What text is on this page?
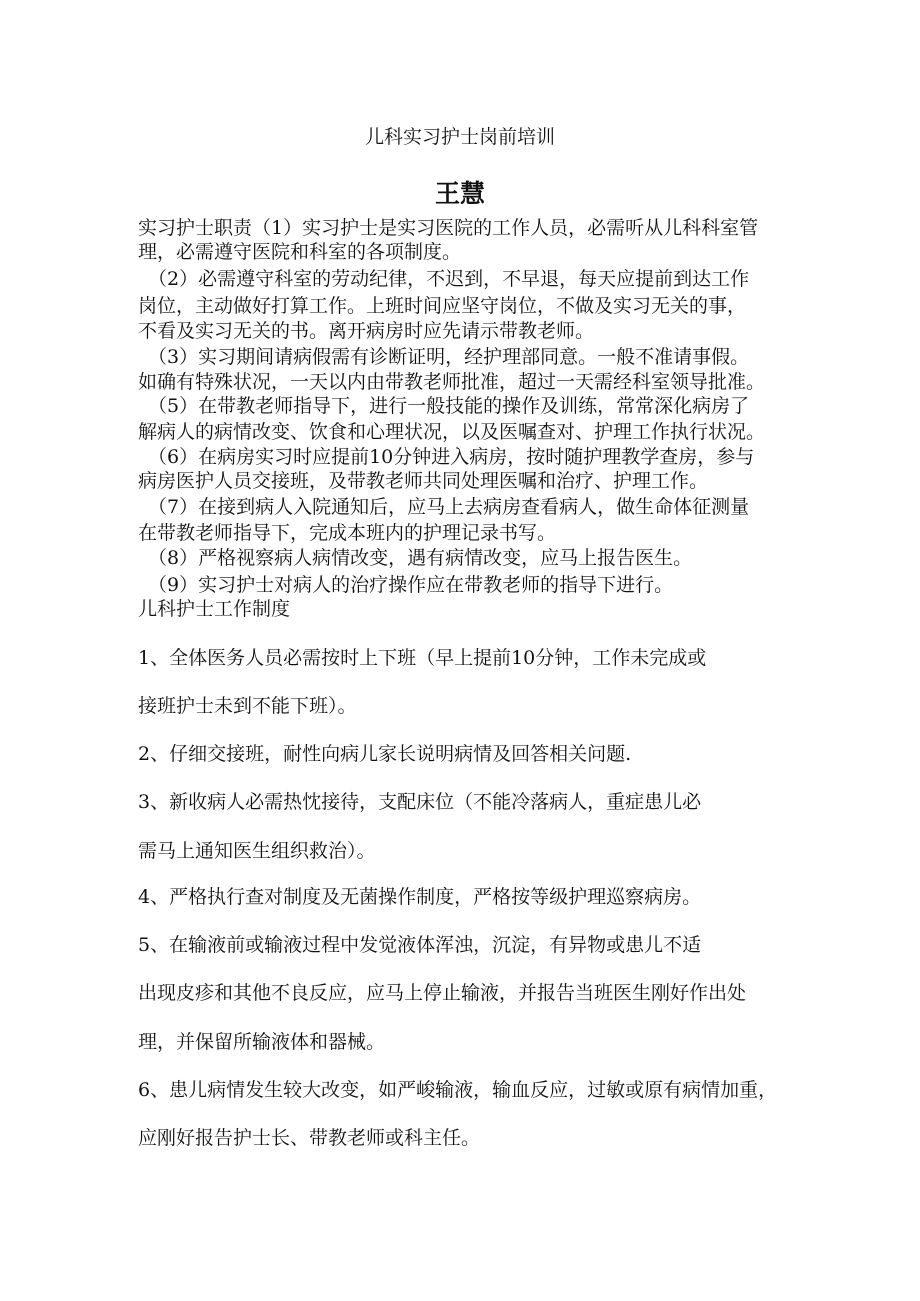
儿科实习护士岗前培训
王慧
实习护士职责（1）实习护士是实习医院的工作人员，必需听从儿科科室管
理，必需遵守医院和科室的各项制度。
（2）必需遵守科室的劳动纪律，不迟到，不早退，每天应提前到达工作
岗位，主动做好打算工作。上班时间应坚守岗位，不做及实习无关的事，
不看及实习无关的书。离开病房时应先请示带教老师。
（3）实习期间请病假需有诊断证明，经护理部同意。一般不准请事假。
如确有特殊状况，一天以内由带教老师批准，超过一天需经科室领导批准。
（5）在带教老师指导下，进行一般技能的操作及训练，常常深化病房了
解病人的病情改变、饮食和心理状况，以及医嘱查对、护理工作执行状况。
（6）在病房实习时应提前10分钟进入病房，按时随护理教学查房，参与
病房医护人员交接班，及带教老师共同处理医嘱和治疗、护理工作。
（7）在接到病人入院通知后，应马上去病房查看病人，做生命体征测量
在带教老师指导下，完成本班内的护理记录书写。
（8）严格视察病人病情改变，遇有病情改变，应马上报告医生。
（9）实习护士对病人的治疗操作应在带教老师的指导下进行。
儿科护士工作制度
1、全体医务人员必需按时上下班（早上提前10分钟，工作未完成或
接班护士未到不能下班）。
2、仔细交接班，耐性向病儿家长说明病情及回答相关问题.
3、新收病人必需热忱接待，支配床位（不能冷落病人，重症患儿必
需马上通知医生组织救治）。
4、严格执行查对制度及无菌操作制度，严格按等级护理巡察病房。
5、在输液前或输液过程中发觉液体浑浊，沉淀，有异物或患儿不适
出现皮疹和其他不良反应，应马上停止输液，并报告当班医生刚好作出处
理，并保留所输液体和器械。
6、患儿病情发生较大改变，如严峻输液，输血反应，过敏或原有病情加重，
应刚好报告护士长、带教老师或科主任。
